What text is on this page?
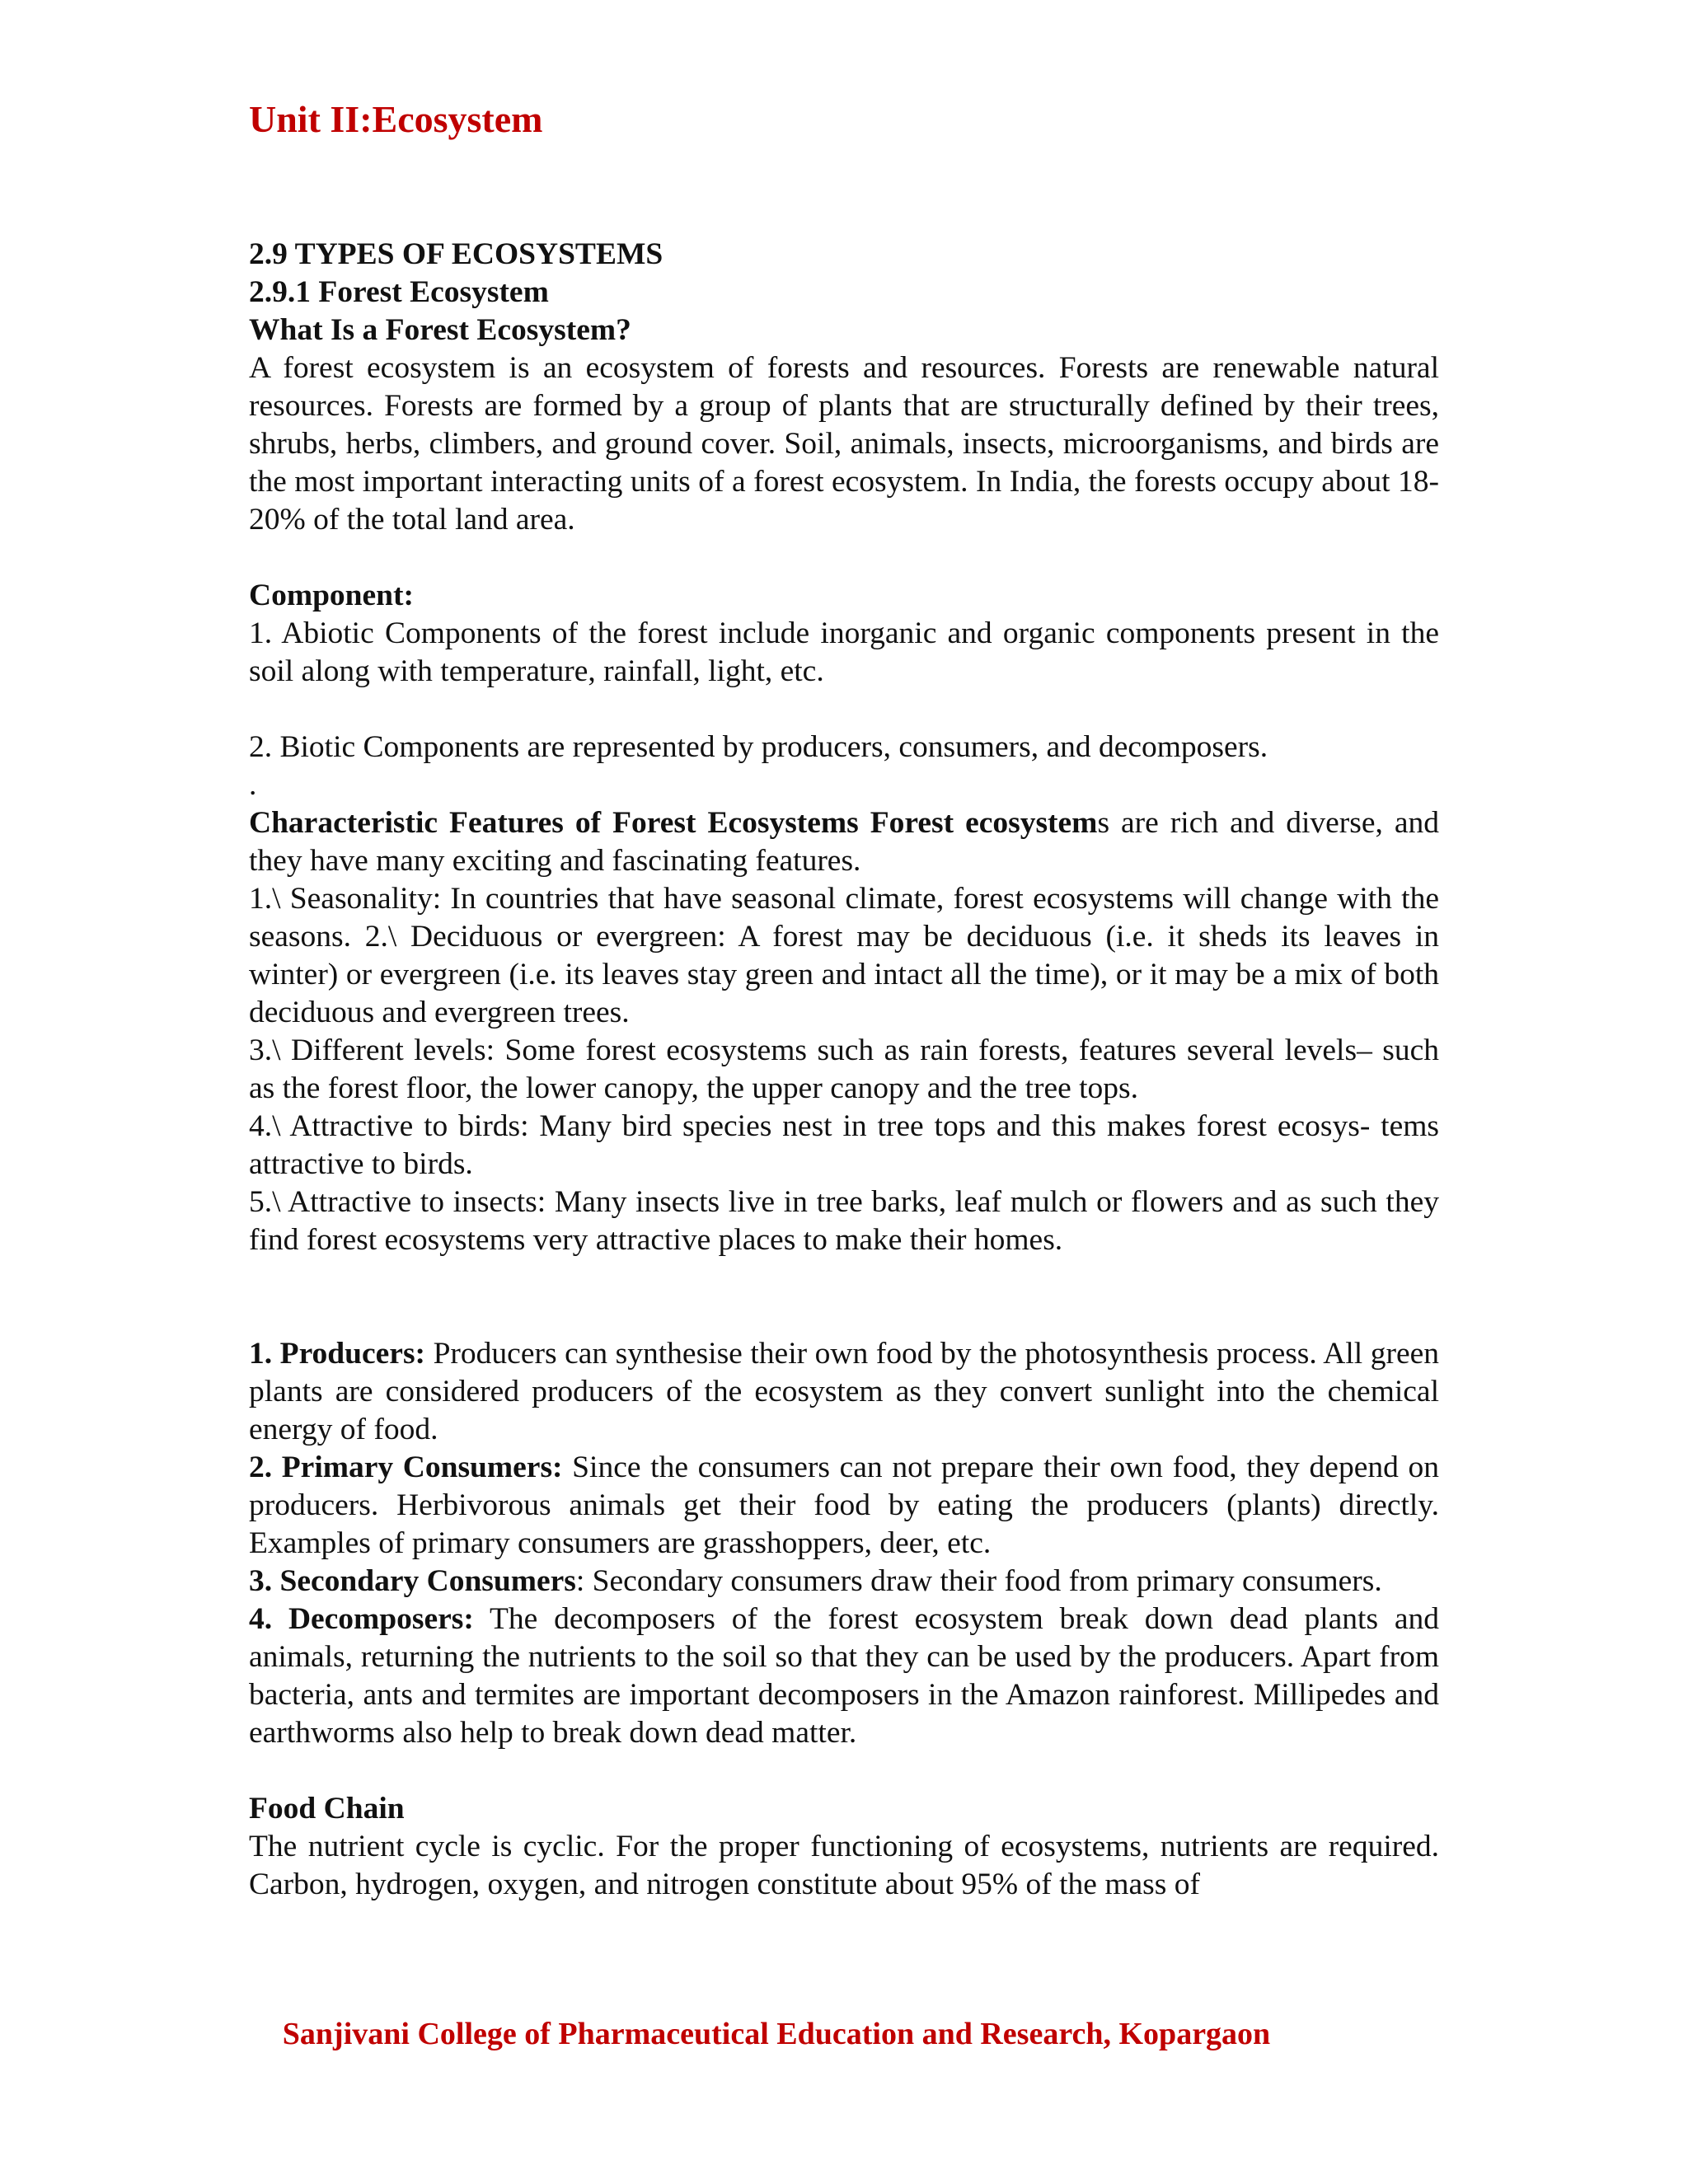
Unit II:Ecosystem
2.9 TYPES OF ECOSYSTEMS
2.9.1 Forest Ecosystem
What Is a Forest Ecosystem?

A forest ecosystem is an ecosystem of forests and resources. Forests are renewable natural resources. Forests are formed by a group of plants that are structurally defined by their trees, shrubs, herbs, climbers, and ground cover. Soil, animals, insects, microorganisms, and birds are the most important interacting units of a forest ecosystem. In India, the forests occupy about 18-20% of the total land area.

Component:

1. Abiotic Components of the forest include inorganic and organic components present in the soil along with temperature, rainfall, light, etc.

2. Biotic Components are represented by producers, consumers, and decomposers.

.

Characteristic Features of Forest Ecosystems Forest ecosystems are rich and diverse, and they have many exciting and fascinating features.

1.\ Seasonality: In countries that have seasonal climate, forest ecosystems will change with the seasons. 2.\ Deciduous or evergreen: A forest may be deciduous (i.e. it sheds its leaves in winter) or evergreen (i.e. its leaves stay green and intact all the time), or it may be a mix of both deciduous and evergreen trees.

3.\ Different levels: Some forest ecosystems such as rain forests, features several levels– such as the forest floor, the lower canopy, the upper canopy and the tree tops.

4.\ Attractive to birds: Many bird species nest in tree tops and this makes forest ecosys- tems attractive to birds.

5.\ Attractive to insects: Many insects live in tree barks, leaf mulch or flowers and as such they find forest ecosystems very attractive places to make their homes.

1. Producers: Producers can synthesise their own food by the photosynthesis process. All green plants are considered producers of the ecosystem as they convert sunlight into the chemical energy of food.

2. Primary Consumers: Since the consumers can not prepare their own food, they depend on producers. Herbivorous animals get their food by eating the producers (plants) directly. Examples of primary consumers are grasshoppers, deer, etc.

3. Secondary Consumers: Secondary consumers draw their food from primary consumers.

4. Decomposers: The decomposers of the forest ecosystem break down dead plants and animals, returning the nutrients to the soil so that they can be used by the producers. Apart from bacteria, ants and termites are important decomposers in the Amazon rainforest. Millipedes and earthworms also help to break down dead matter.

Food Chain

The nutrient cycle is cyclic. For the proper functioning of ecosystems, nutrients are required. Carbon, hydrogen, oxygen, and nitrogen constitute about 95% of the mass of

Sanjivani College of Pharmaceutical Education and Research, Kopargaon
